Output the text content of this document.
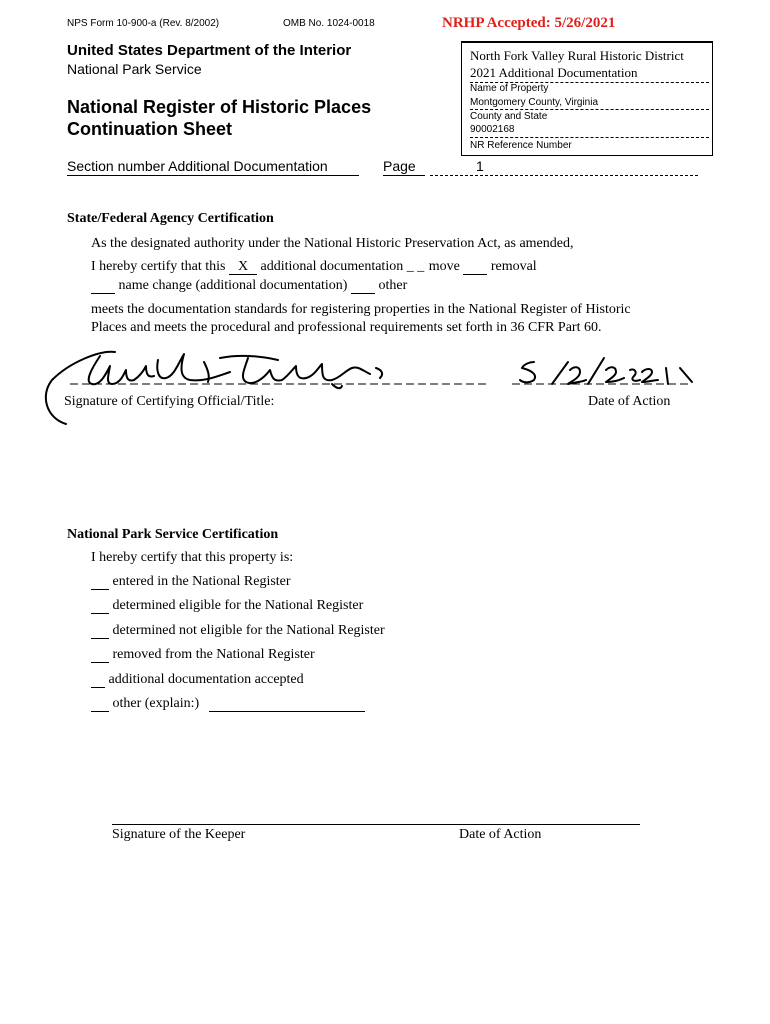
NPS Form 10-900-a (Rev. 8/2002)	OMB No. 1024-0018	NRHP Accepted: 5/26/2021
United States Department of the Interior
National Park Service
National Register of Historic Places
Continuation Sheet
Section number Additional Documentation	Page	1
North Fork Valley Rural Historic District
2021 Additional Documentation
Name of Property
Montgomery County, Virginia
County and State
90002168
NR Reference Number
State/Federal Agency Certification
As the designated authority under the National Historic Preservation Act, as amended,
I hereby certify that this X additional documentation _ _ move removal
name change (additional documentation) other
meets the documentation standards for registering properties in the National Register of Historic
Places and meets the procedural and professional requirements set forth in 36 CFR Part 60.
Signature of Certifying Official/Title:	Date of Action
National Park Service Certification
I hereby certify that this property is:
entered in the National Register
determined eligible for the National Register
determined not eligible for the National Register
removed from the National Register
additional documentation accepted
other (explain:)
Signature of the Keeper	Date of Action
